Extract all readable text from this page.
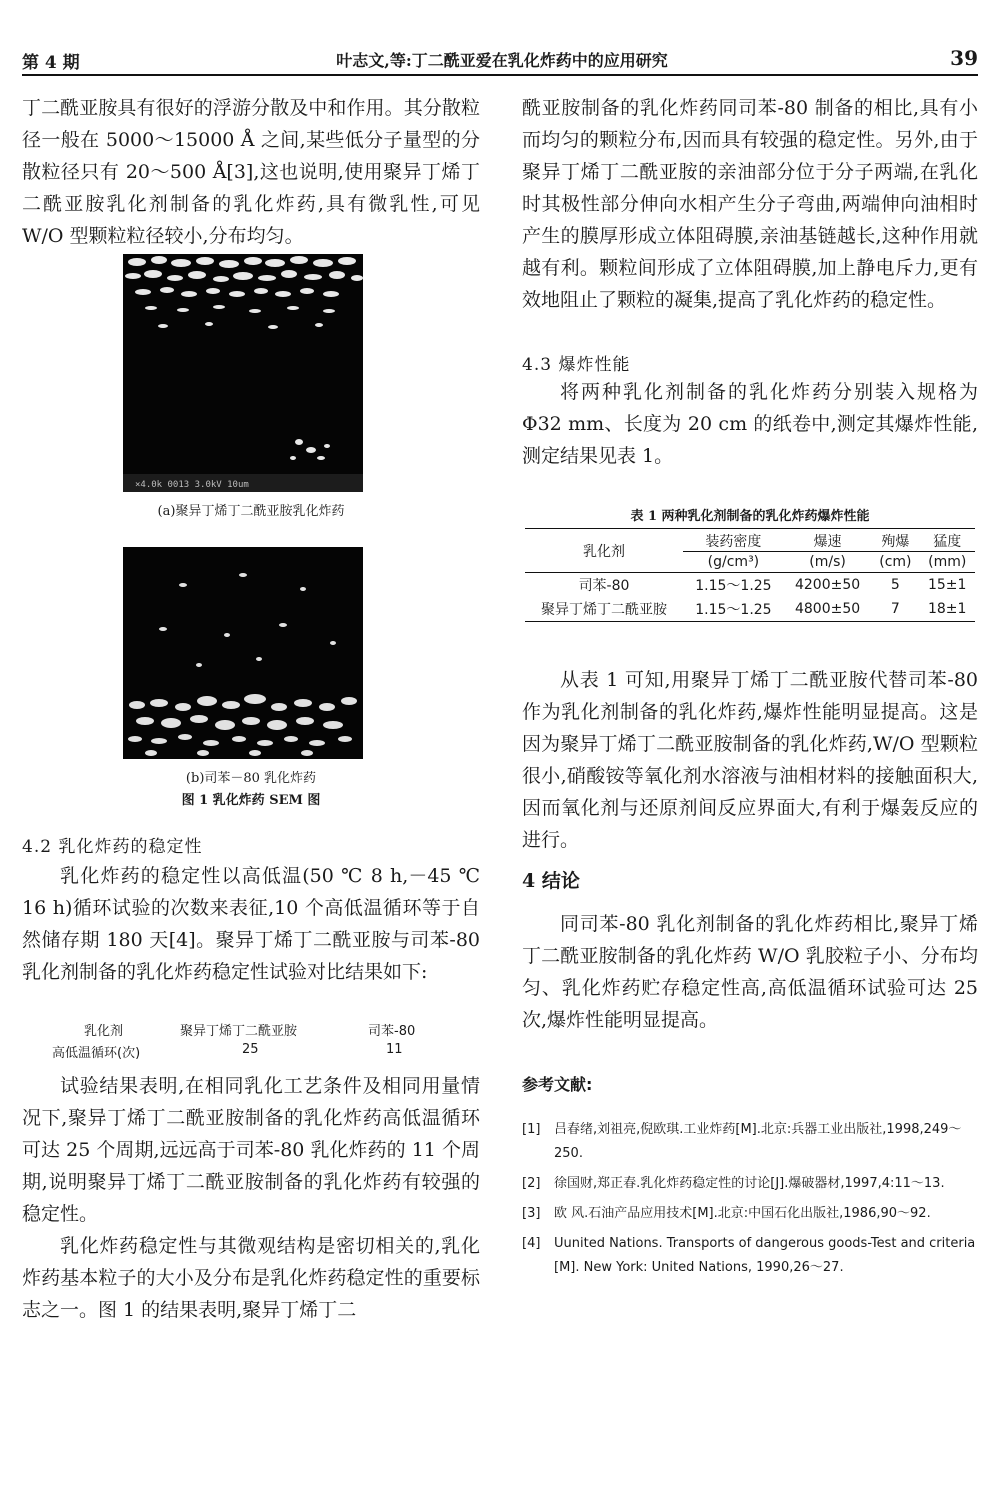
第 4 期	叶志文,等:丁二酰亚爱在乳化炸药中的应用研究	39

丁二酰亚胺具有很好的浮游分散及中和作用。其分散粒径一般在 5000～15000 Å 之间,某些低分子量型的分散粒径只有 20～500 Å[3],这也说明,使用聚异丁烯丁二酰亚胺乳化剂制备的乳化炸药,具有微乳性,可见 W/O 型颗粒粒径较小,分布均匀。

×4.0k 0013 3.0kV 10um
(a)聚异丁烯丁二酰亚胺乳化炸药
(b)司苯－80 乳化炸药
图 1 乳化炸药 SEM 图
4.2 乳化炸药的稳定性

乳化炸药的稳定性以高低温(50 ℃ 8 h,－45 ℃ 16 h)循环试验的次数来表征,10 个高低温循环等于自然储存期 180 天[4]。聚异丁烯丁二酰亚胺与司苯-80 乳化剂制备的乳化炸药稳定性试验对比结果如下:

乳化剂	聚异丁烯丁二酰亚胺	司苯-80
高低温循环(次)	25	11

试验结果表明,在相同乳化工艺条件及相同用量情况下,聚异丁烯丁二酰亚胺制备的乳化炸药高低温循环可达 25 个周期,远远高于司苯-80 乳化炸药的 11 个周期,说明聚异丁烯丁二酰亚胺制备的乳化炸药有较强的稳定性。

乳化炸药稳定性与其微观结构是密切相关的,乳化炸药基本粒子的大小及分布是乳化炸药稳定性的重要标志之一。图 1 的结果表明,聚异丁烯丁二

酰亚胺制备的乳化炸药同司苯-80 制备的相比,具有小而均匀的颗粒分布,因而具有较强的稳定性。另外,由于聚异丁烯丁二酰亚胺的亲油部分位于分子两端,在乳化时其极性部分伸向水相产生分子弯曲,两端伸向油相时产生的膜厚形成立体阻碍膜,亲油基链越长,这种作用就越有利。颗粒间形成了立体阻碍膜,加上静电斥力,更有效地阻止了颗粒的凝集,提高了乳化炸药的稳定性。

4.3 爆炸性能

将两种乳化剂制备的乳化炸药分别装入规格为 Φ32 mm、长度为 20 cm 的纸卷中,测定其爆炸性能,测定结果见表 1。

表 1 两种乳化剂制备的乳化炸药爆炸性能
乳化剂	装药密度	爆速	殉爆	猛度
	(g/cm³)	(m/s)	(cm)	(mm)
司苯-80	1.15～1.25	4200±50	5	15±1
聚异丁烯丁二酰亚胺	1.15～1.25	4800±50	7	18±1

从表 1 可知,用聚异丁烯丁二酰亚胺代替司苯-80 作为乳化剂制备的乳化炸药,爆炸性能明显提高。这是因为聚异丁烯丁二酰亚胺制备的乳化炸药,W/O 型颗粒很小,硝酸铵等氧化剂水溶液与油相材料的接触面积大,因而氧化剂与还原剂间反应界面大,有利于爆轰反应的进行。

4 结论

同司苯-80 乳化剂制备的乳化炸药相比,聚异丁烯丁二酰亚胺制备的乳化炸药 W/O 乳胶粒子小、分布均匀、乳化炸药贮存稳定性高,高低温循环试验可达 25 次,爆炸性能明显提高。

参考文献:
[1] 吕春绪,刘祖亮,倪欧琪.工业炸药[M].北京:兵器工业出版社,1998,249～250.
[2] 徐国财,郑正春.乳化炸药稳定性的讨论[J].爆破器材,1997,4:11～13.
[3] 欧 风.石油产品应用技术[M].北京:中国石化出版社,1986,90～92.
[4] Uunited Nations. Transports of dangerous goods-Test and criteria [M]. New York: United Nations, 1990,26～27.
